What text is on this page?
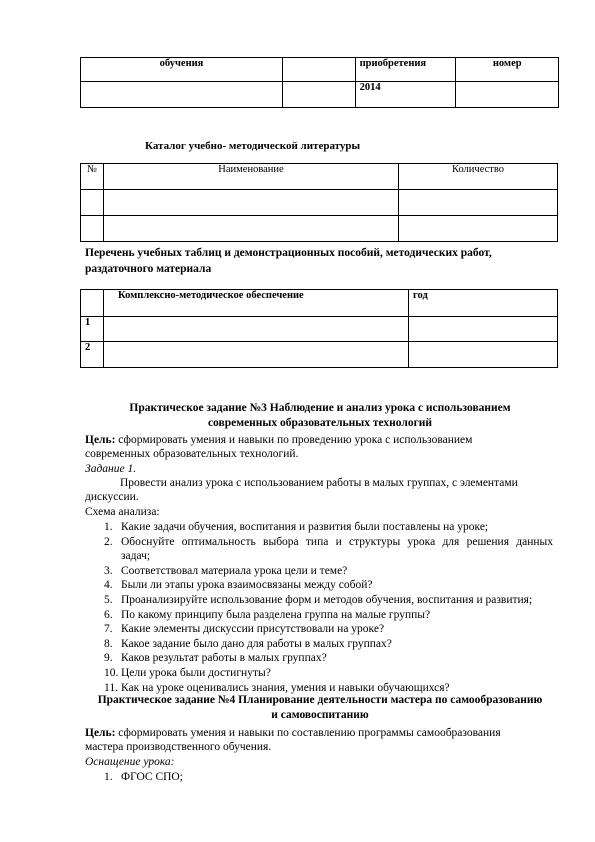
обучения		приобретения	номер
		2014	
Каталог учебно- методической литературы
№	Наименование	Количество

Перечень учебных таблиц и демонстрационных пособий, методических работ,
раздаточного материала
	Комплексно-методическое обеспечение	год
1		
2		
Практическое задание №3 Наблюдение и анализ урока с использованием
современных образовательных технологий
Цель: сформировать умения и навыки по проведению урока с использованием
современных образовательных технологий.
Задание 1.
Провести анализ урока с использованием работы в малых группах, с элементами
дискуссии.
Схема анализа:
1. Какие задачи обучения, воспитания и развития были поставлены на уроке;
2. Обоснуйте оптимальность выбора типа и структуры урока для решения данных
задач;
3. Соответствовал материала урока цели и теме?
4. Были ли этапы урока взаимосвязаны между собой?
5. Проанализируйте использование форм и методов обучения, воспитания и развития;
6. По какому принципу была разделена группа на малые группы?
7. Какие элементы дискуссии присутствовали на уроке?
8. Какое задание было дано для работы в малых группах?
9. Каков результат работы в малых группах?
10. Цели урока были достигнуты?
11. Как на уроке оценивались знания, умения и навыки обучающихся?
Практическое задание №4 Планирование деятельности мастера по самообразованию
и самовоспитанию
Цель: сформировать умения и навыки по составлению программы самообразования
мастера производственного обучения.
Оснащение урока:
1. ФГОС СПО;
